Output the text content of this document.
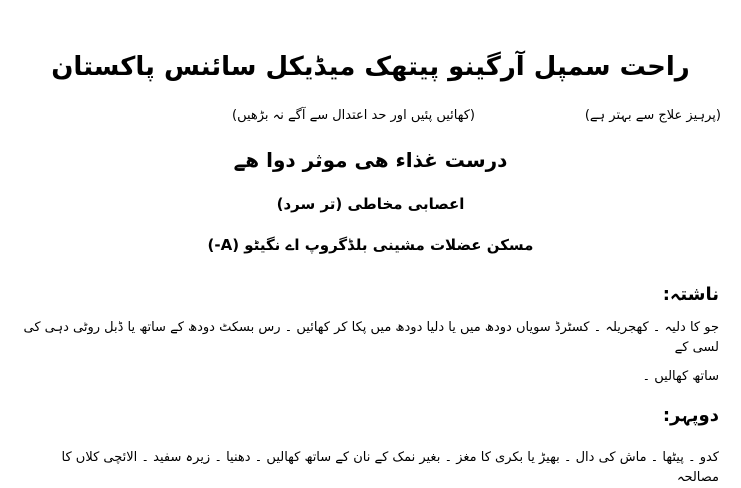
راحت سمپل آرگینو پیتھک میڈیکل سائنس پاکستان
(پرہیز علاج سے بہتر ہے)
(کھائیں پئیں اور حد اعتدال سے آگے نہ بڑھیں)
درست غذاء ھی موثر دوا ھے
اعصابی مخاطی (تر سرد)
مسکن عضلات مشینی بلڈگروپ اے نگیٹو (A-)
ناشتہ:
جو کا دلیہ ۔ کھجریلہ ۔ کسٹرڈ سویاں دودھ میں یا دلیا دودھ میں پکا کر کھائیں ۔ رس بسکٹ دودھ کے ساتھ یا ڈبل روٹی دہی کی لسی کے
ساتھ کھالیں ۔
دوپہر:
کدو ۔ پیٹھا ۔ ماش کی دال ۔ بھیڑ یا بکری کا مغز ۔ بغیر نمک کے نان کے ساتھ کھالیں ۔ دھنیا ۔ زیرہ سفید ۔ الائچی کلاں کا مصالحہ
